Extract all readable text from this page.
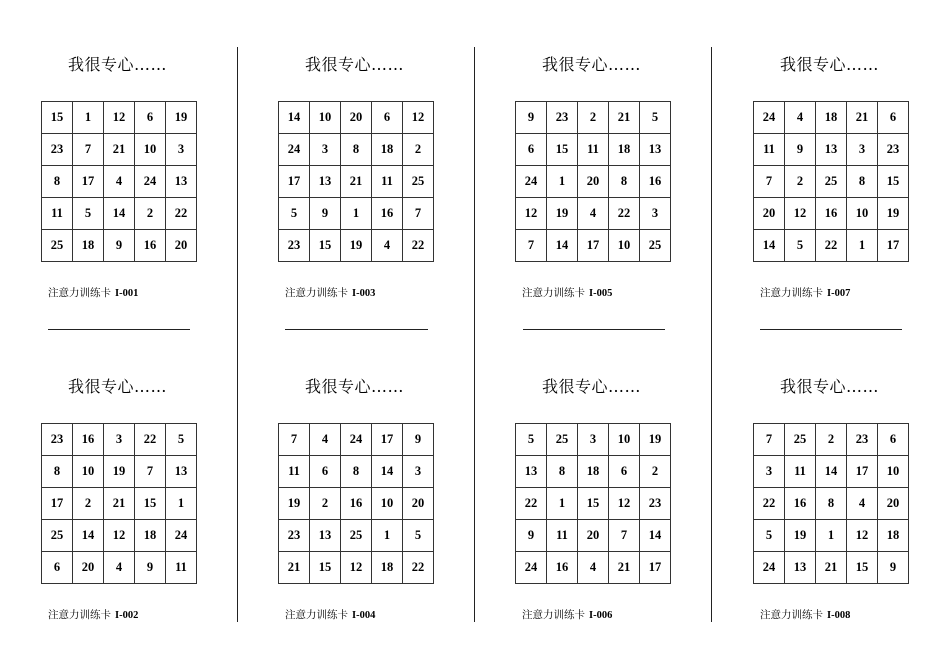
我很专心……
15	1	12	6	19
23	7	21	10	3
8	17	4	24	13
11	5	14	2	22
25	18	9	16	20
注意力训练卡 I-001
我很专心……
23	16	3	22	5
8	10	19	7	13
17	2	21	15	1
25	14	12	18	24
6	20	4	9	11
注意力训练卡 I-002
我很专心……
14	10	20	6	12
24	3	8	18	2
17	13	21	11	25
5	9	1	16	7
23	15	19	4	22
注意力训练卡 I-003
我很专心……
7	4	24	17	9
11	6	8	14	3
19	2	16	10	20
23	13	25	1	5
21	15	12	18	22
注意力训练卡 I-004
我很专心……
9	23	2	21	5
6	15	11	18	13
24	1	20	8	16
12	19	4	22	3
7	14	17	10	25
注意力训练卡 I-005
我很专心……
5	25	3	10	19
13	8	18	6	2
22	1	15	12	23
9	11	20	7	14
24	16	4	21	17
注意力训练卡 I-006
我很专心……
24	4	18	21	6
11	9	13	3	23
7	2	25	8	15
20	12	16	10	19
14	5	22	1	17
注意力训练卡 I-007
我很专心……
7	25	2	23	6
3	11	14	17	10
22	16	8	4	20
5	19	1	12	18
24	13	21	15	9
注意力训练卡 I-008
